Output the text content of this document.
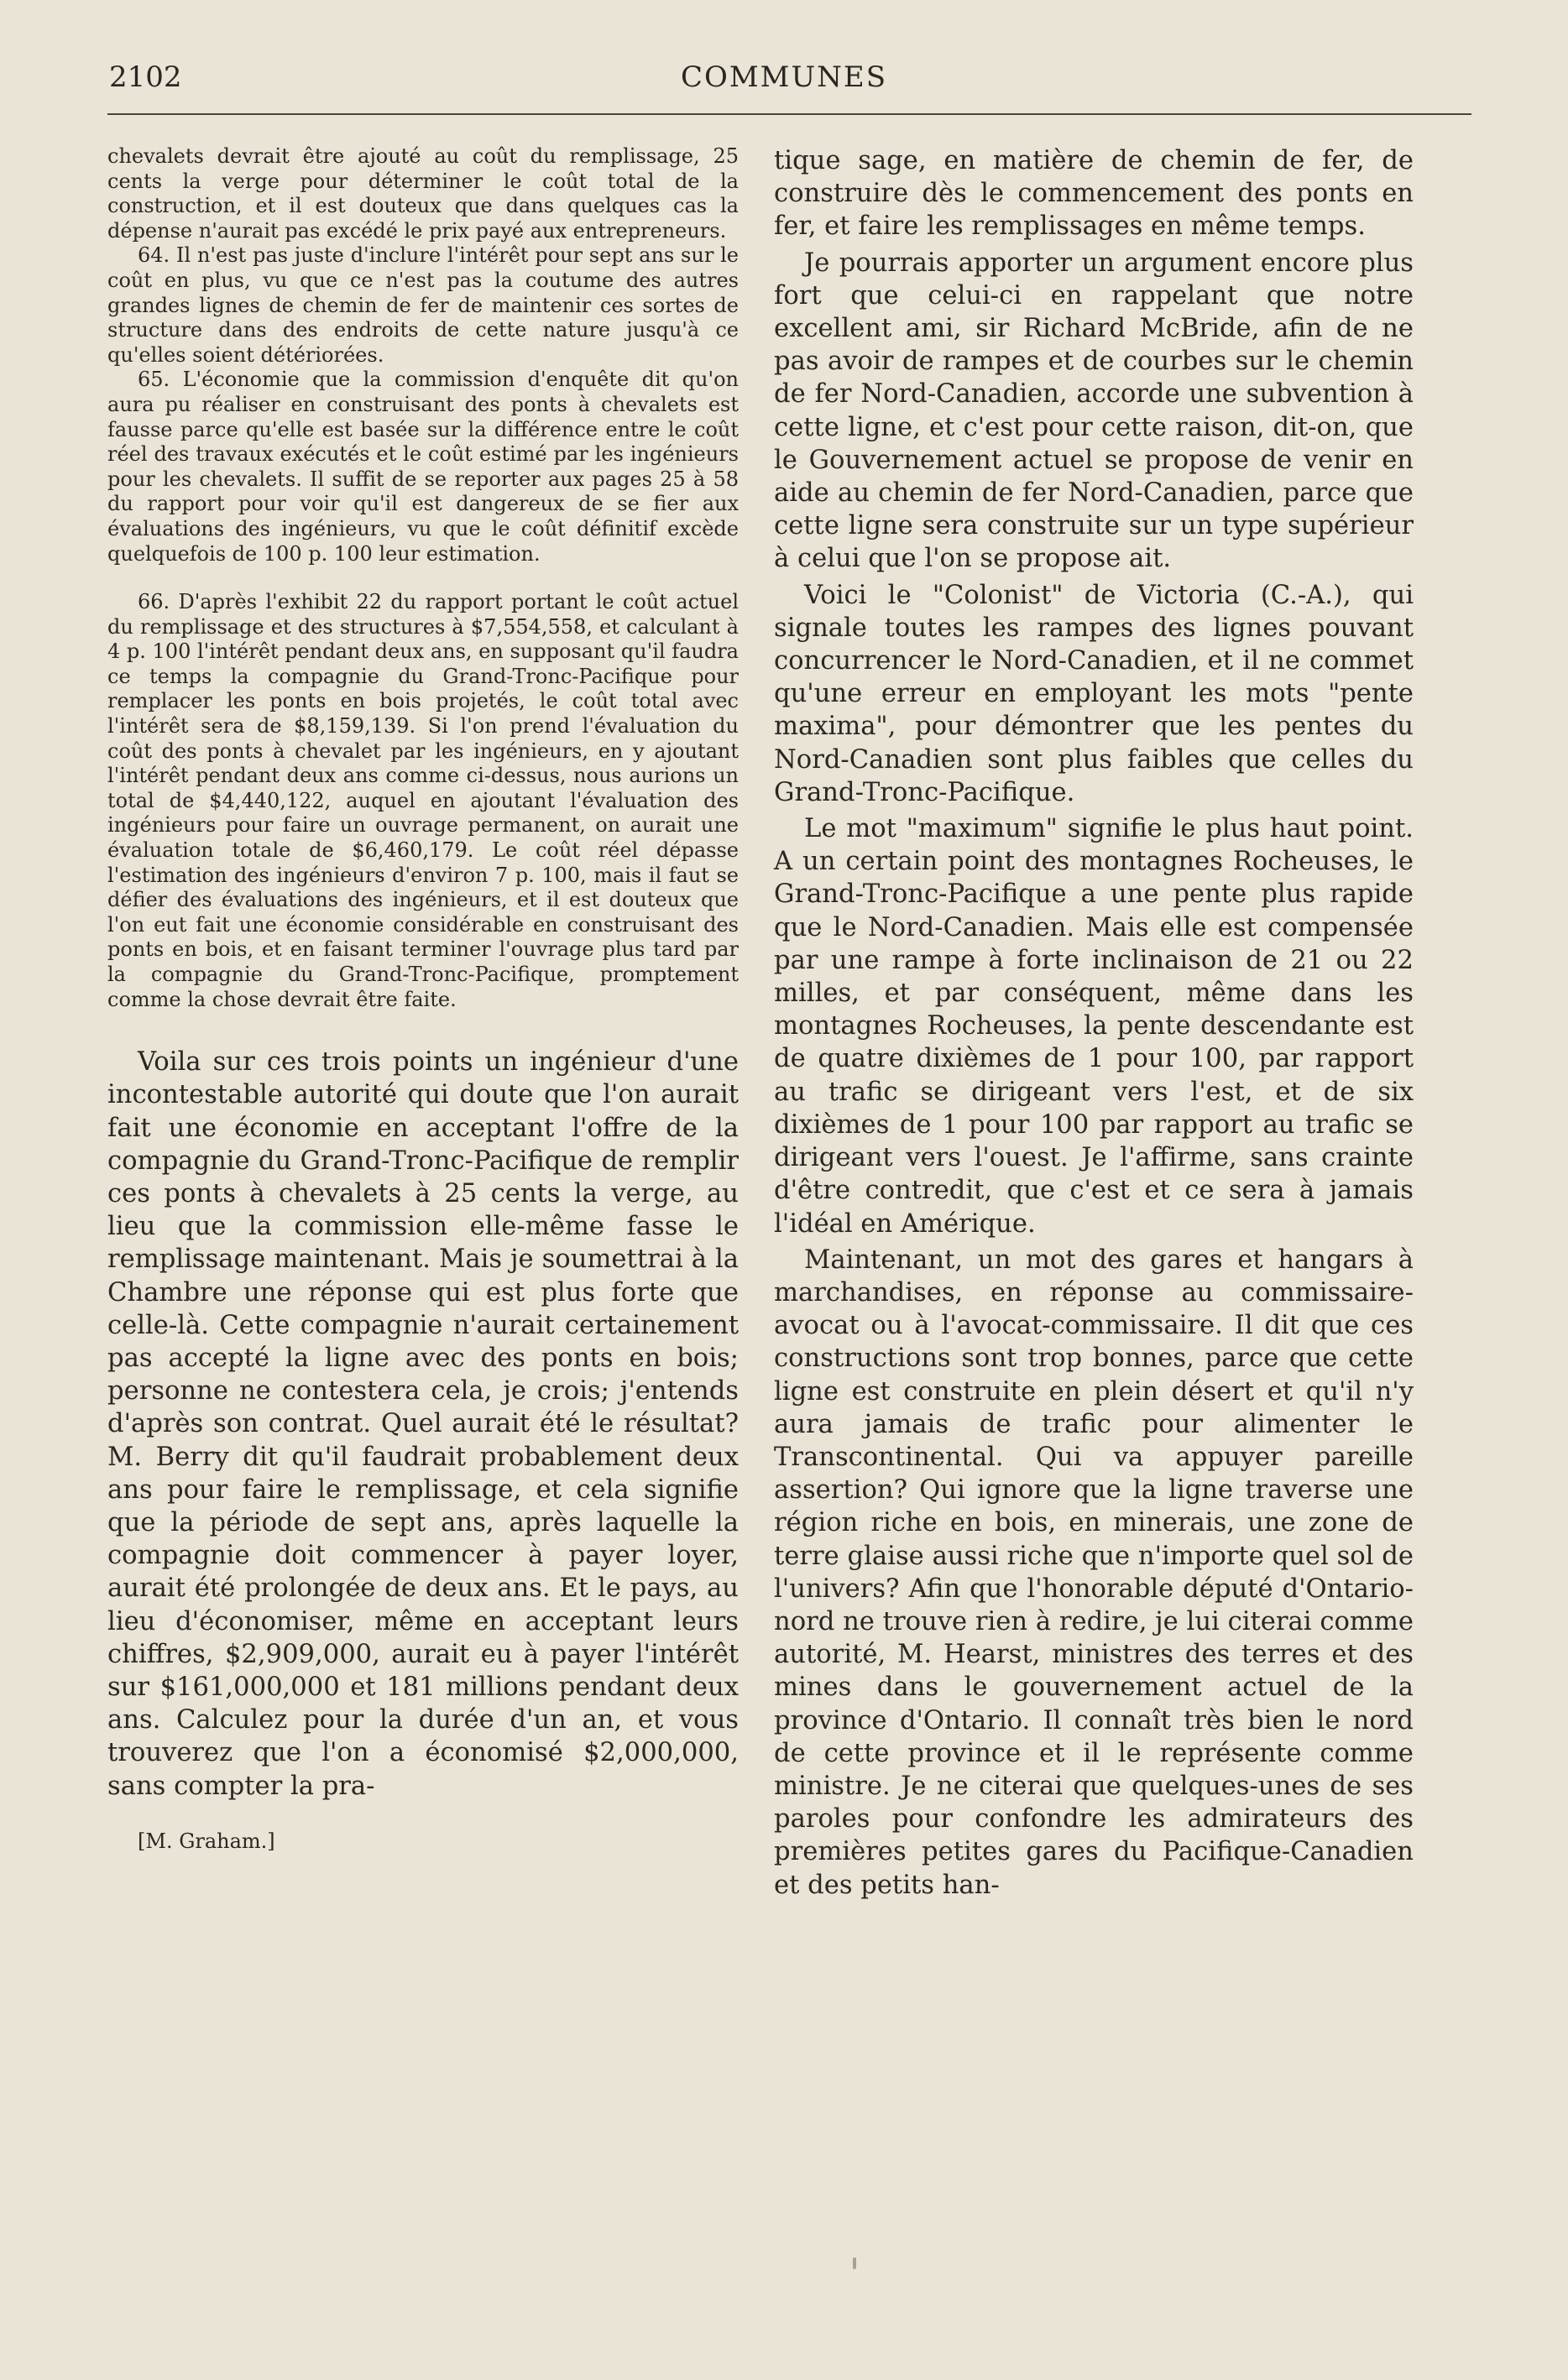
2102	COMMUNES

chevalets devrait être ajouté au coût du remplissage, 25 cents la verge pour déterminer le coût total de la construction, et il est douteux que dans quelques cas la dépense n'aurait pas excédé le prix payé aux entrepreneurs.

64. Il n'est pas juste d'inclure l'intérêt pour sept ans sur le coût en plus, vu que ce n'est pas la coutume des autres grandes lignes de chemin de fer de maintenir ces sortes de structure dans des endroits de cette nature jusqu'à ce qu'elles soient détériorées.

65. L'économie que la commission d'enquête dit qu'on aura pu réaliser en construisant des ponts à chevalets est fausse parce qu'elle est basée sur la différence entre le coût réel des travaux exécutés et le coût estimé par les ingénieurs pour les chevalets. Il suffit de se reporter aux pages 25 à 58 du rapport pour voir qu'il est dangereux de se fier aux évaluations des ingénieurs, vu que le coût définitif excède quelquefois de 100 p. 100 leur estimation.

66. D'après l'exhibit 22 du rapport portant le coût actuel du remplissage et des structures à $7,554,558, et calculant à 4 p. 100 l'intérêt pendant deux ans, en supposant qu'il faudra ce temps la compagnie du Grand-Tronc-Pacifique pour remplacer les ponts en bois projetés, le coût total avec l'intérêt sera de $8,159,139. Si l'on prend l'évaluation du coût des ponts à chevalet par les ingénieurs, en y ajoutant l'intérêt pendant deux ans comme ci-dessus, nous aurions un total de $4,440,122, auquel en ajoutant l'évaluation des ingénieurs pour faire un ouvrage permanent, on aurait une évaluation totale de $6,460,179. Le coût réel dépasse l'estimation des ingénieurs d'environ 7 p. 100, mais il faut se défier des évaluations des ingénieurs, et il est douteux que l'on eut fait une économie considérable en construisant des ponts en bois, et en faisant terminer l'ouvrage plus tard par la compagnie du Grand-Tronc-Pacifique, promptement comme la chose devrait être faite.

Voila sur ces trois points un ingénieur d'une incontestable autorité qui doute que l'on aurait fait une économie en acceptant l'offre de la compagnie du Grand-Tronc-Pacifique de remplir ces ponts à chevalets à 25 cents la verge, au lieu que la commission elle-même fasse le remplissage maintenant. Mais je soumettrai à la Chambre une réponse qui est plus forte que celle-là. Cette compagnie n'aurait certainement pas accepté la ligne avec des ponts en bois; personne ne contestera cela, je crois; j'entends d'après son contrat. Quel aurait été le résultat? M. Berry dit qu'il faudrait probablement deux ans pour faire le remplissage, et cela signifie que la période de sept ans, après laquelle la compagnie doit commencer à payer loyer, aurait été prolongée de deux ans. Et le pays, au lieu d'économiser, même en acceptant leurs chiffres, $2,909,000, aurait eu à payer l'intérêt sur $161,000,000 et 181 millions pendant deux ans. Calculez pour la durée d'un an, et vous trouverez que l'on a économisé $2,000,000, sans compter la pra-

[M. Graham.]

tique sage, en matière de chemin de fer, de construire dès le commencement des ponts en fer, et faire les remplissages en même temps.

Je pourrais apporter un argument encore plus fort que celui-ci en rappelant que notre excellent ami, sir Richard McBride, afin de ne pas avoir de rampes et de courbes sur le chemin de fer Nord-Canadien, accorde une subvention à cette ligne, et c'est pour cette raison, dit-on, que le Gouvernement actuel se propose de venir en aide au chemin de fer Nord-Canadien, parce que cette ligne sera construite sur un type supérieur à celui que l'on se propose ait.

Voici le "Colonist" de Victoria (C.-A.), qui signale toutes les rampes des lignes pouvant concurrencer le Nord-Canadien, et il ne commet qu'une erreur en employant les mots "pente maxima", pour démontrer que les pentes du Nord-Canadien sont plus faibles que celles du Grand-Tronc-Pacifique.

Le mot "maximum" signifie le plus haut point. A un certain point des montagnes Rocheuses, le Grand-Tronc-Pacifique a une pente plus rapide que le Nord-Canadien. Mais elle est compensée par une rampe à forte inclinaison de 21 ou 22 milles, et par conséquent, même dans les montagnes Rocheuses, la pente descendante est de quatre dixièmes de 1 pour 100, par rapport au trafic se dirigeant vers l'est, et de six dixièmes de 1 pour 100 par rapport au trafic se dirigeant vers l'ouest. Je l'affirme, sans crainte d'être contredit, que c'est et ce sera à jamais l'idéal en Amérique.

Maintenant, un mot des gares et hangars à marchandises, en réponse au commissaire-avocat ou à l'avocat-commissaire. Il dit que ces constructions sont trop bonnes, parce que cette ligne est construite en plein désert et qu'il n'y aura jamais de trafic pour alimenter le Transcontinental. Qui va appuyer pareille assertion? Qui ignore que la ligne traverse une région riche en bois, en minerais, une zone de terre glaise aussi riche que n'importe quel sol de l'univers? Afin que l'honorable député d'Ontario-nord ne trouve rien à redire, je lui citerai comme autorité, M. Hearst, ministres des terres et des mines dans le gouvernement actuel de la province d'Ontario. Il connaît très bien le nord de cette province et il le représente comme ministre. Je ne citerai que quelques-unes de ses paroles pour confondre les admirateurs des premières petites gares du Pacifique-Canadien et des petits han-
